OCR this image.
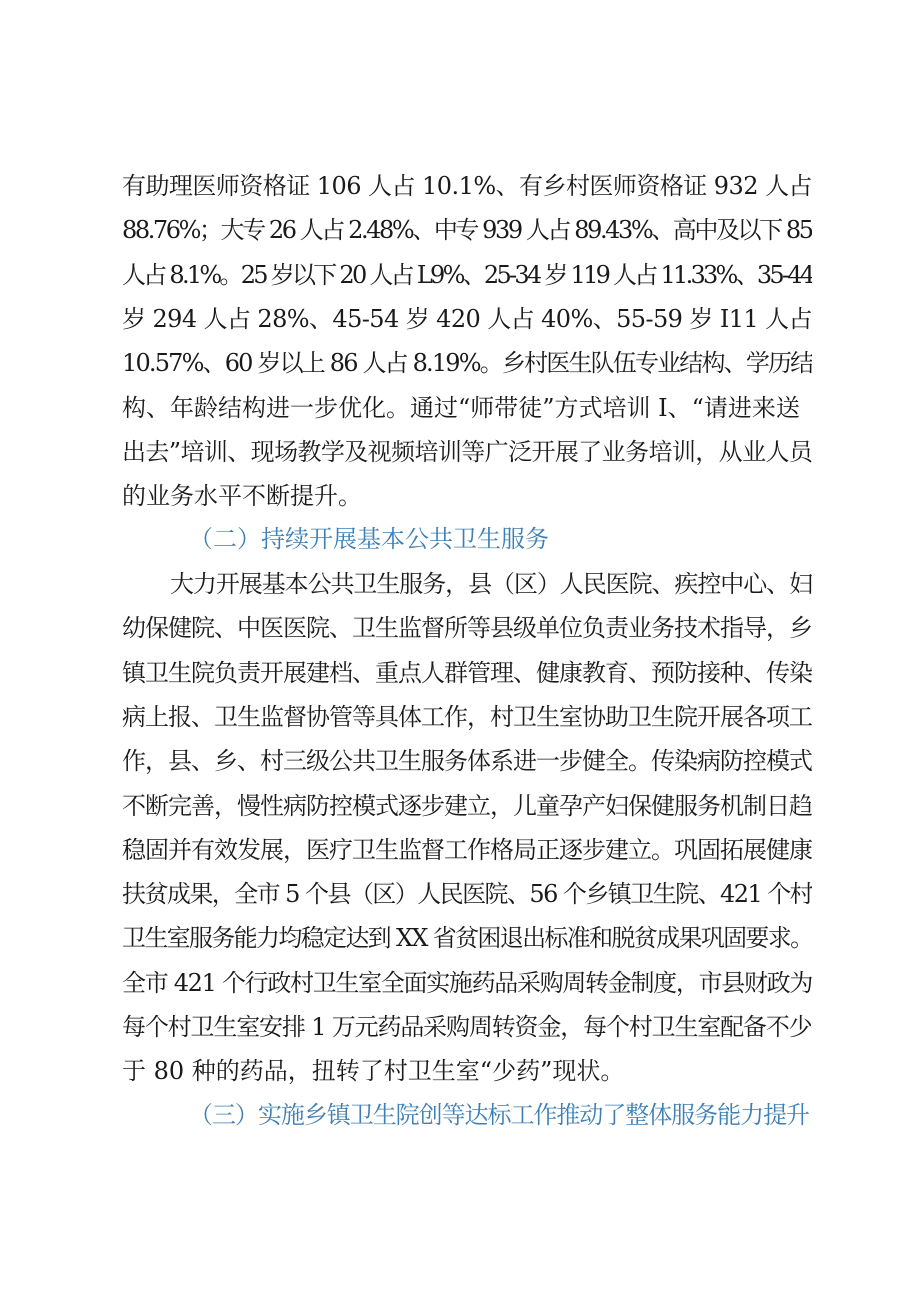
有助理医师资格证 106 人占 10.1%、有乡村医师资格证 932 人占
88.76%；大专 26 人占 2.48%、中专 939 人占 89.43%、高中及以下 85
人占 8.1%。25 岁以下 20 人占 L9%、25-34 岁 119 人占 11.33%、35-44
岁 294 人占 28%、45-54 岁 420 人占 40%、55-59 岁 I11 人占
10.57%、60 岁以上 86 人占 8.19%。乡村医生队伍专业结构、学历结
构、年龄结构进一步优化。通过“师带徒”方式培训 I、“请进来送
出去”培训、现场教学及视频培训等广泛开展了业务培训，从业人员
的业务水平不断提升。
（二）持续开展基本公共卫生服务
大力开展基本公共卫生服务，县（区）人民医院、疾控中心、妇
幼保健院、中医医院、卫生监督所等县级单位负责业务技术指导，乡
镇卫生院负责开展建档、重点人群管理、健康教育、预防接种、传染
病上报、卫生监督协管等具体工作，村卫生室协助卫生院开展各项工
作，县、乡、村三级公共卫生服务体系进一步健全。传染病防控模式
不断完善，慢性病防控模式逐步建立，儿童孕产妇保健服务机制日趋
稳固并有效发展，医疗卫生监督工作格局正逐步建立。巩固拓展健康
扶贫成果，全市 5 个县（区）人民医院、56 个乡镇卫生院、421 个村
卫生室服务能力均稳定达到 XX 省贫困退出标准和脱贫成果巩固要求。
全市 421 个行政村卫生室全面实施药品采购周转金制度，市县财政为
每个村卫生室安排 1 万元药品采购周转资金，每个村卫生室配备不少
于 80 种的药品，扭转了村卫生室“少药”现状。
（三）实施乡镇卫生院创等达标工作推动了整体服务能力提升
